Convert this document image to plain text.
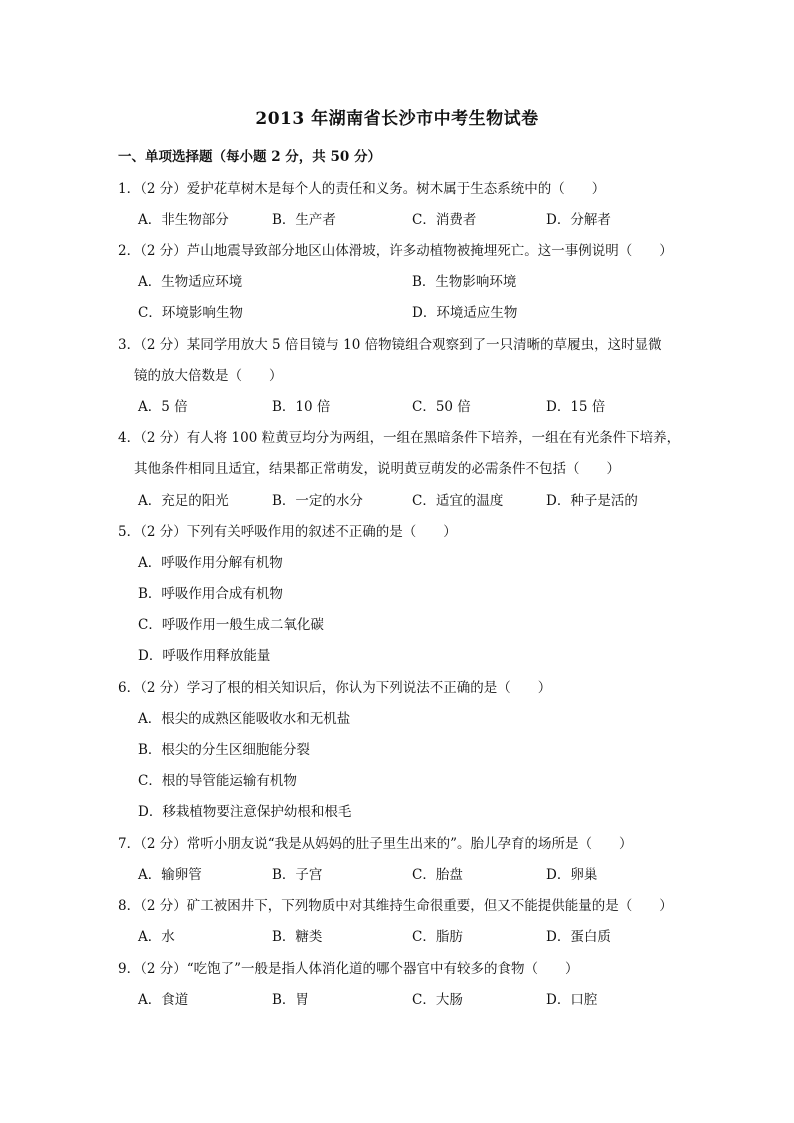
2013 年湖南省长沙市中考生物试卷
一、单项选择题（每小题 2 分，共 50 分）
1．（2 分）爱护花草树木是每个人的责任和义务。树木属于生态系统中的（　　）
A．非生物部分	B．生产者	C．消费者	D．分解者
2．（2 分）芦山地震导致部分地区山体滑坡，许多动植物被掩埋死亡。这一事例说明（　　）
A．生物适应环境	B．生物影响环境
C．环境影响生物	D．环境适应生物
3．（2 分）某同学用放大 5 倍目镜与 10 倍物镜组合观察到了一只清晰的草履虫，这时显微
镜的放大倍数是（　　）
A．5 倍	B．10 倍	C．50 倍	D．15 倍
4．（2 分）有人将 100 粒黄豆均分为两组，一组在黑暗条件下培养，一组在有光条件下培养，
其他条件相同且适宜，结果都正常萌发，说明黄豆萌发的必需条件不包括（　　）
A．充足的阳光	B．一定的水分	C．适宜的温度	D．种子是活的
5．（2 分）下列有关呼吸作用的叙述不正确的是（　　）
A．呼吸作用分解有机物
B．呼吸作用合成有机物
C．呼吸作用一般生成二氧化碳
D．呼吸作用释放能量
6．（2 分）学习了根的相关知识后，你认为下列说法不正确的是（　　）
A．根尖的成熟区能吸收水和无机盐
B．根尖的分生区细胞能分裂
C．根的导管能运输有机物
D．移栽植物要注意保护幼根和根毛
7．（2 分）常听小朋友说“我是从妈妈的肚子里生出来的”。胎儿孕育的场所是（　　）
A．输卵管	B．子宫	C．胎盘	D．卵巢
8．（2 分）矿工被困井下，下列物质中对其维持生命很重要，但又不能提供能量的是（　　）
A．水	B．糖类	C．脂肪	D．蛋白质
9．（2 分）“吃饱了”一般是指人体消化道的哪个器官中有较多的食物（　　）
A．食道	B．胃	C．大肠	D．口腔
